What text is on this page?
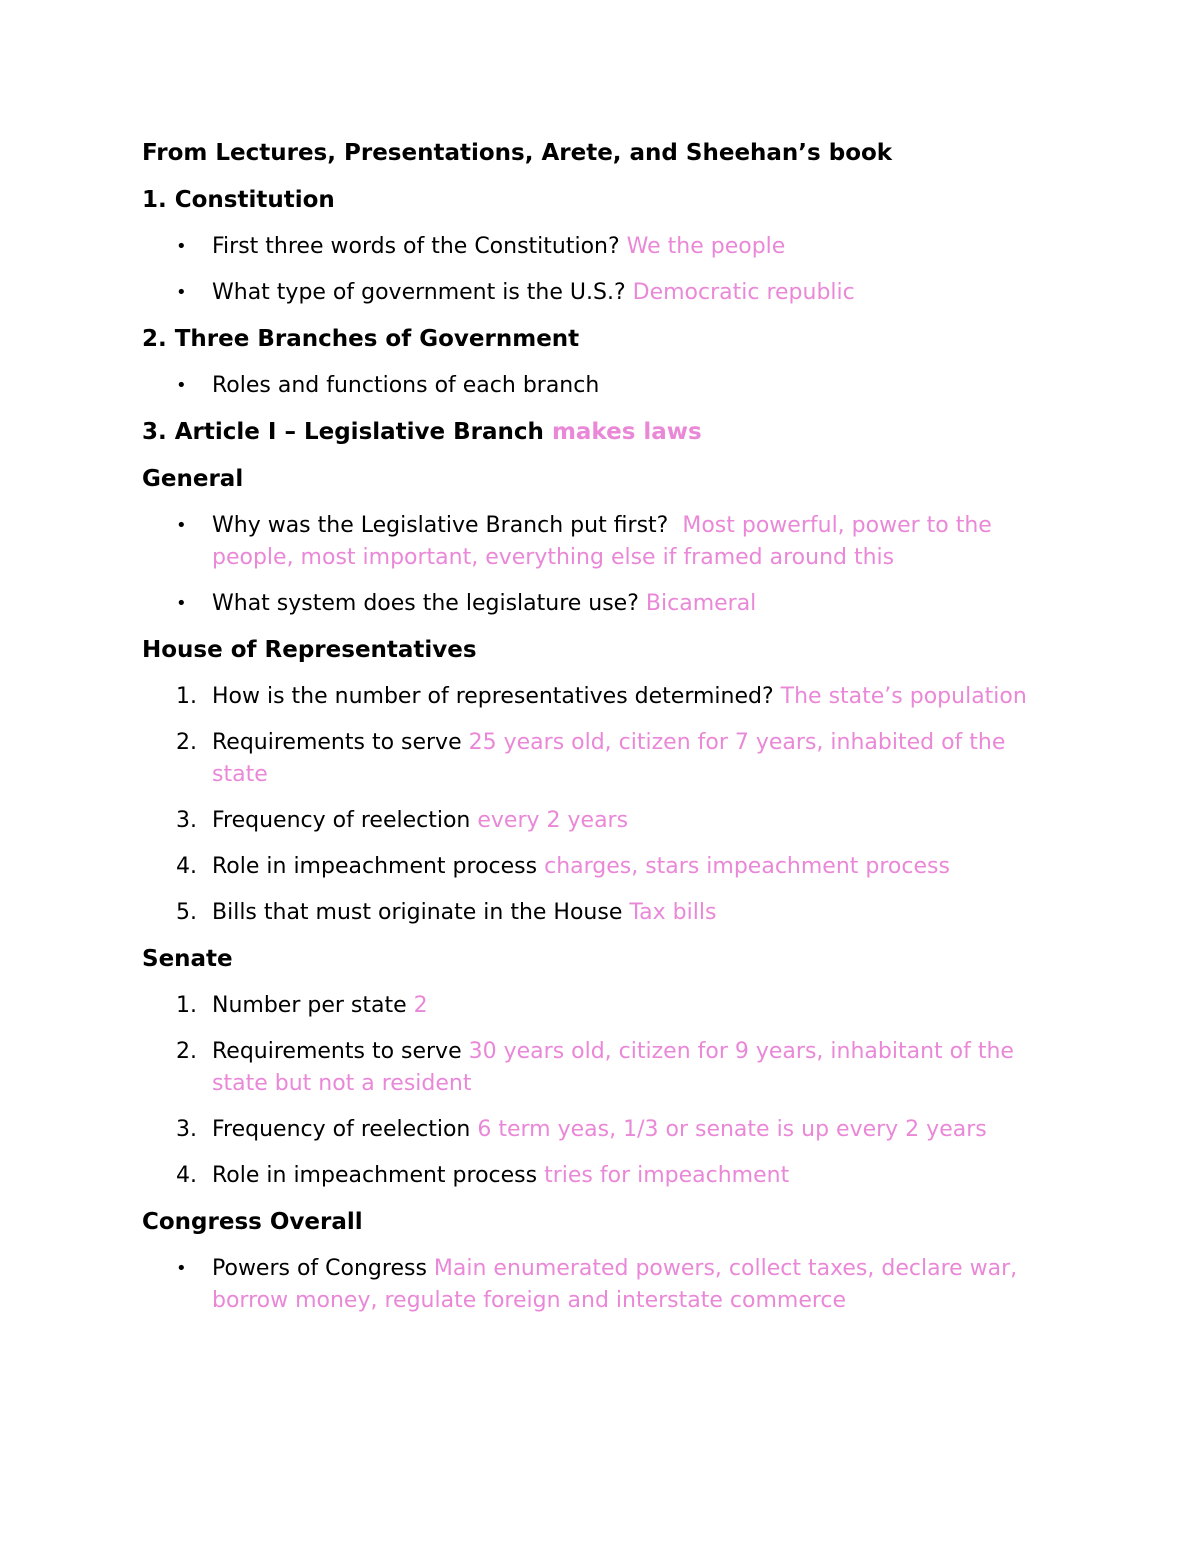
From Lectures, Presentations, Arete, and Sheehan’s book
1. Constitution
• First three words of the Constitution? We the people
• What type of government is the U.S.? Democratic republic
2. Three Branches of Government
• Roles and functions of each branch
3. Article I – Legislative Branch makes laws
General
• Why was the Legislative Branch put first? Most powerful, power to the people, most important, everything else if framed around this
• What system does the legislature use? Bicameral
House of Representatives
1. How is the number of representatives determined? The state’s population
2. Requirements to serve 25 years old, citizen for 7 years, inhabited of the state
3. Frequency of reelection every 2 years
4. Role in impeachment process charges, stars impeachment process
5. Bills that must originate in the House Tax bills
Senate
1. Number per state 2
2. Requirements to serve 30 years old, citizen for 9 years, inhabitant of the state but not a resident
3. Frequency of reelection 6 term yeas, 1/3 or senate is up every 2 years
4. Role in impeachment process tries for impeachment
Congress Overall
• Powers of Congress Main enumerated powers, collect taxes, declare war, borrow money, regulate foreign and interstate commerce
